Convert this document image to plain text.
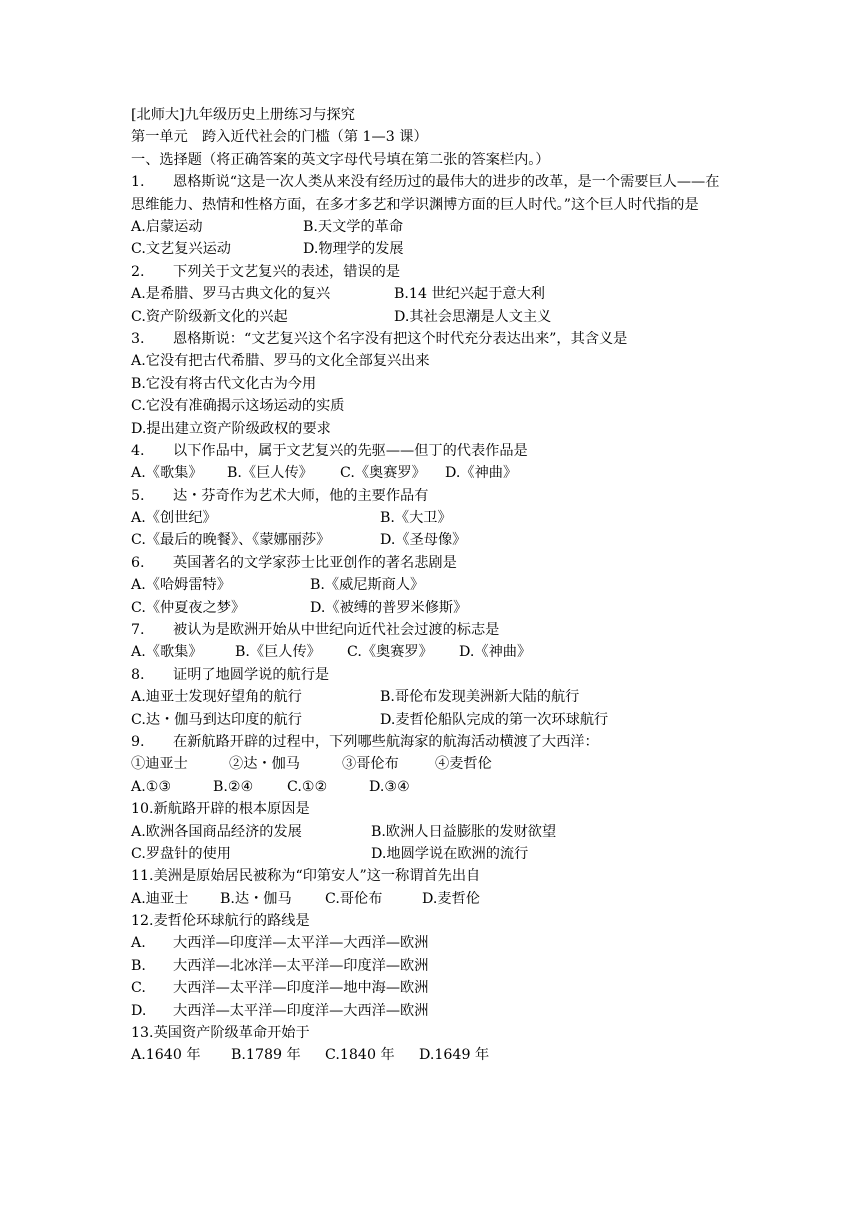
[北师大]九年级历史上册练习与探究
第一单元　跨入近代社会的门槛（第 1—3 课）
一、选择题（将正确答案的英文字母代号填在第二张的答案栏内。）
1. 恩格斯说“这是一次人类从来没有经历过的最伟大的进步的改革，是一个需要巨人——在思维能力、热情和性格方面，在多才多艺和学识渊博方面的巨人时代。”这个巨人时代指的是
A.启蒙运动	B.天文学的革命
C.文艺复兴运动	D.物理学的发展
2. 下列关于文艺复兴的表述，错误的是
A.是希腊、罗马古典文化的复兴	B.14 世纪兴起于意大利
C.资产阶级新文化的兴起	D.其社会思潮是人文主义
3. 恩格斯说：“文艺复兴这个名字没有把这个时代充分表达出来”，其含义是
A.它没有把古代希腊、罗马的文化全部复兴出来
B.它没有将古代文化古为今用
C.它没有准确揭示这场运动的实质
D.提出建立资产阶级政权的要求
4. 以下作品中，属于文艺复兴的先驱——但丁的代表作品是
A.《歌集》 B.《巨人传》 C.《奥赛罗》 D.《神曲》
5. 达・芬奇作为艺术大师，他的主要作品有
A.《创世纪》	B.《大卫》
C.《最后的晚餐》、《蒙娜丽莎》	D.《圣母像》
6. 英国著名的文学家莎士比亚创作的著名悲剧是
A.《哈姆雷特》	B.《威尼斯商人》
C.《仲夏夜之梦》	D.《被缚的普罗米修斯》
7. 被认为是欧洲开始从中世纪向近代社会过渡的标志是
A.《歌集》 B.《巨人传》 C.《奥赛罗》 D.《神曲》
8. 证明了地圆学说的航行是
A.迪亚士发现好望角的航行	B.哥伦布发现美洲新大陆的航行
C.达・伽马到达印度的航行	D.麦哲伦船队完成的第一次环球航行
9. 在新航路开辟的过程中，下列哪些航海家的航海活动横渡了大西洋：
①迪亚士	②达・伽马	③哥伦布	④麦哲伦
A.①③	B.②④ C.①②	D.③④
10.新航路开辟的根本原因是
A.欧洲各国商品经济的发展	B.欧洲人日益膨胀的发财欲望
C.罗盘针的使用	D.地圆学说在欧洲的流行
11.美洲是原始居民被称为“印第安人”这一称谓首先出自
A.迪亚士 B.达・伽马 C.哥伦布	D.麦哲伦
12.麦哲伦环球航行的路线是
A. 大西洋—印度洋—太平洋—大西洋—欧洲
B. 大西洋—北冰洋—太平洋—印度洋—欧洲
C. 大西洋—太平洋—印度洋—地中海—欧洲
D. 大西洋—太平洋—印度洋—大西洋—欧洲
13.英国资产阶级革命开始于
A.1640 年 B.1789 年 C.1840 年 D.1649 年
